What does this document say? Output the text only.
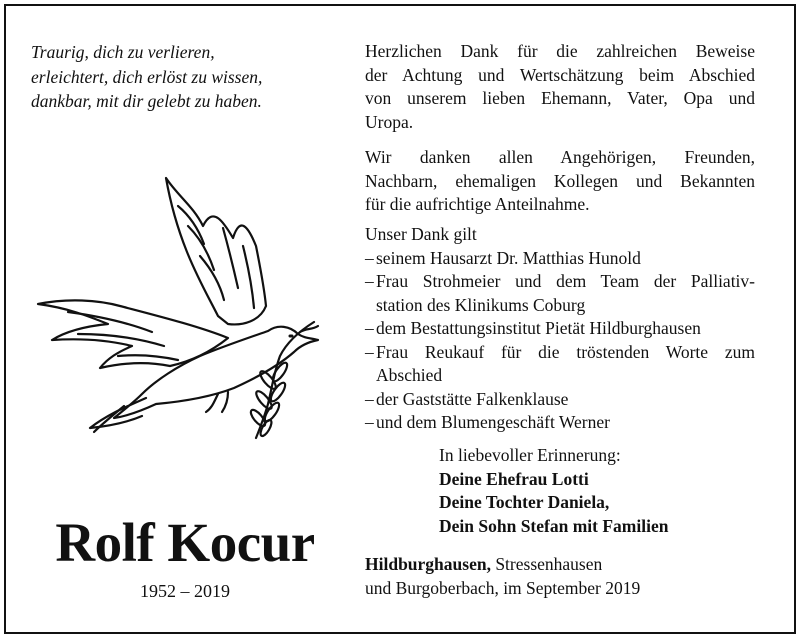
Traurig, dich zu verlieren,
erleichtert, dich erlöst zu wissen,
dankbar, mit dir gelebt zu haben.
Rolf Kocur
1952 – 2019
Herzlichen Dank für die zahlreichen Beweise
der Achtung und Wertschätzung beim Abschied
von unserem lieben Ehemann, Vater, Opa und
Uropa.
Wir danken allen Angehörigen, Freunden,
Nachbarn, ehemaligen Kollegen und Bekannten
für die aufrichtige Anteilnahme.
Unser Dank gilt
– seinem Hausarzt Dr. Matthias Hunold
– Frau Strohmeier und dem Team der Palliativ-
station des Klinikums Coburg
– dem Bestattungsinstitut Pietät Hildburghausen
– Frau Reukauf für die tröstenden Worte zum
Abschied
– der Gaststätte Falkenklause
– und dem Blumengeschäft Werner
In liebevoller Erinnerung:
Deine Ehefrau Lotti
Deine Tochter Daniela,
Dein Sohn Stefan mit Familien
Hildburghausen, Stressenhausen
und Burgoberbach, im September 2019
